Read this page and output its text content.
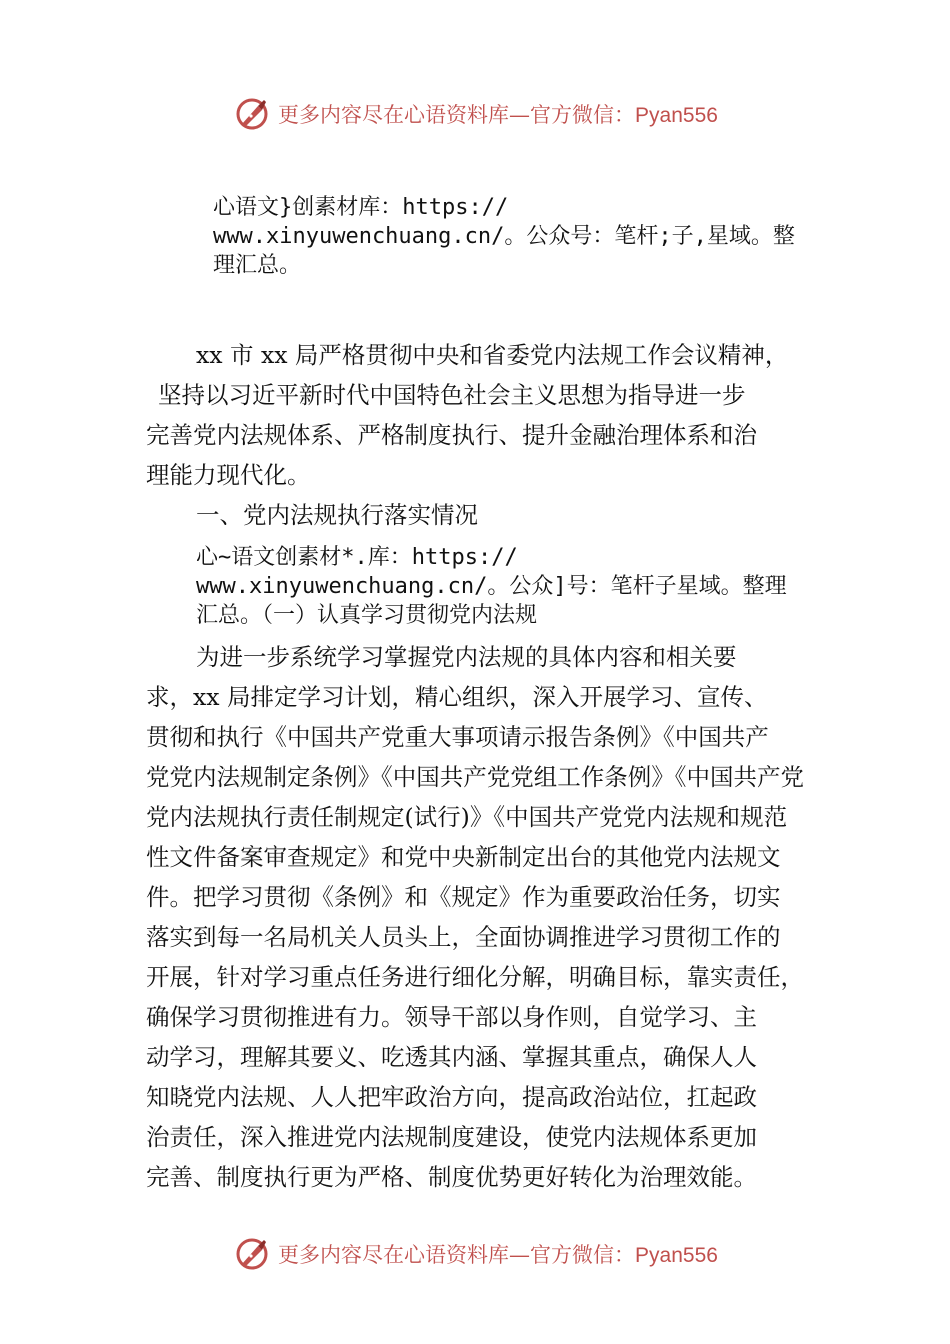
更多内容尽在心语资料库—官方微信：Pyan556
心语文}创素材库：https://
www.xinyuwenchuang.cn/。公众号：笔杆;子,星域。整
理汇总。
xx 市 xx 局严格贯彻中央和省委党内法规工作会议精神，
坚持以习近平新时代中国特色社会主义思想为指导进一步
完善党内法规体系、严格制度执行、提升金融治理体系和治
理能力现代化。
一、党内法规执行落实情况
心~语文创素材*.库：https://
www.xinyuwenchuang.cn/。公众]号：笔杆子星域。整理
汇总。（一）认真学习贯彻党内法规
为进一步系统学习掌握党内法规的具体内容和相关要
求，xx 局排定学习计划，精心组织，深入开展学习、宣传、
贯彻和执行《中国共产党重大事项请示报告条例》《中国共产
党党内法规制定条例》《中国共产党党组工作条例》《中国共产党
党内法规执行责任制规定(试行)》《中国共产党党内法规和规范
性文件备案审查规定》和党中央新制定出台的其他党内法规文
件。把学习贯彻《条例》和《规定》作为重要政治任务，切实
落实到每一名局机关人员头上，全面协调推进学习贯彻工作的
开展，针对学习重点任务进行细化分解，明确目标，靠实责任，
确保学习贯彻推进有力。领导干部以身作则，自觉学习、主
动学习，理解其要义、吃透其内涵、掌握其重点，确保人人
知晓党内法规、人人把牢政治方向，提高政治站位，扛起政
治责任，深入推进党内法规制度建设，使党内法规体系更加
完善、制度执行更为严格、制度优势更好转化为治理效能。
更多内容尽在心语资料库—官方微信：Pyan556
